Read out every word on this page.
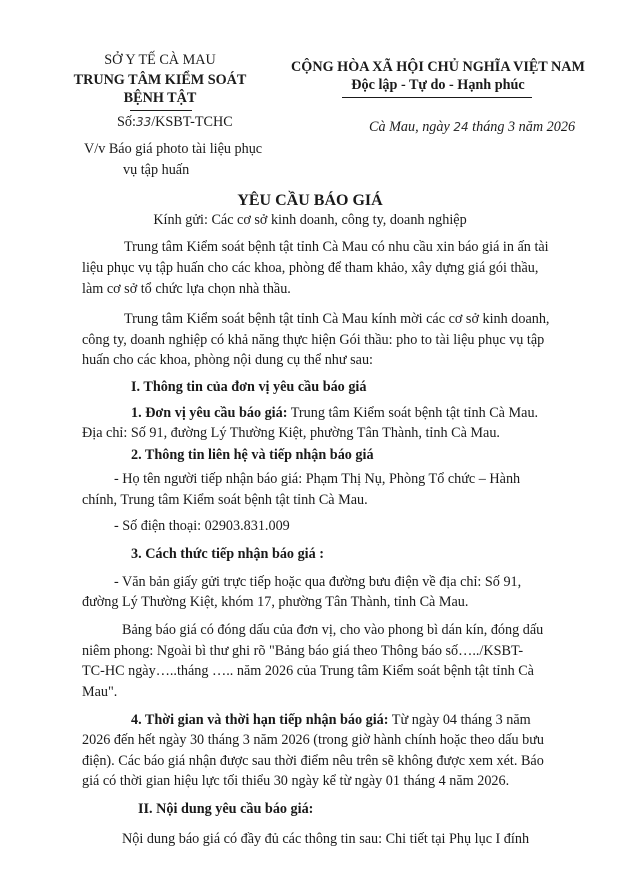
SỞ Y TẾ CÀ MAU
TRUNG TÂM KIỂM SOÁT
BỆNH TẬT
Số:33/KSBT-TCHC
V/v Báo giá photo tài liệu phục
vụ tập huấn
CỘNG HÒA XÃ HỘI CHỦ NGHĨA VIỆT NAM
Độc lập - Tự do - Hạnh phúc
Cà Mau, ngày 24 tháng 3 năm 2026
YÊU CẦU BÁO GIÁ
Kính gửi: Các cơ sở kinh doanh, công ty, doanh nghiệp
Trung tâm Kiểm soát bệnh tật tỉnh Cà Mau có nhu cầu xin báo giá in ấn tài
liệu phục vụ tập huấn cho các khoa, phòng để tham khảo, xây dựng giá gói thầu,
làm cơ sở tổ chức lựa chọn nhà thầu.
Trung tâm Kiểm soát bệnh tật tỉnh Cà Mau kính mời các cơ sở kinh doanh,
công ty, doanh nghiệp có khả năng thực hiện Gói thầu: pho to tài liệu phục vụ tập
huấn cho các khoa, phòng nội dung cụ thể như sau:
I. Thông tin của đơn vị yêu cầu báo giá
1. Đơn vị yêu cầu báo giá: Trung tâm Kiểm soát bệnh tật tỉnh Cà Mau.
Địa chỉ: Số 91, đường Lý Thường Kiệt, phường Tân Thành, tỉnh Cà Mau.
2. Thông tin liên hệ và tiếp nhận báo giá
- Họ tên người tiếp nhận báo giá: Phạm Thị Nụ, Phòng Tổ chức – Hành
chính, Trung tâm Kiểm soát bệnh tật tỉnh Cà Mau.
- Số điện thoại: 02903.831.009
3. Cách thức tiếp nhận báo giá :
- Văn bản giấy gửi trực tiếp hoặc qua đường bưu điện về địa chỉ: Số 91,
đường Lý Thường Kiệt, khóm 17, phường Tân Thành, tỉnh Cà Mau.
Bảng báo giá có đóng dấu của đơn vị, cho vào phong bì dán kín, đóng dấu
niêm phong: Ngoài bì thư ghi rõ "Bảng báo giá theo Thông báo số…../KSBT-
TC-HC ngày…..tháng ….. năm 2026 của Trung tâm Kiểm soát bệnh tật tỉnh Cà
Mau".
4. Thời gian và thời hạn tiếp nhận báo giá: Từ ngày 04 tháng 3 năm
2026 đến hết ngày 30 tháng 3 năm 2026 (trong giờ hành chính hoặc theo dấu bưu
điện). Các báo giá nhận được sau thời điểm nêu trên sẽ không được xem xét. Báo
giá có thời gian hiệu lực tối thiểu 30 ngày kể từ ngày 01 tháng 4 năm 2026.
II. Nội dung yêu cầu báo giá:
Nội dung báo giá có đầy đủ các thông tin sau: Chi tiết tại Phụ lục I đính
